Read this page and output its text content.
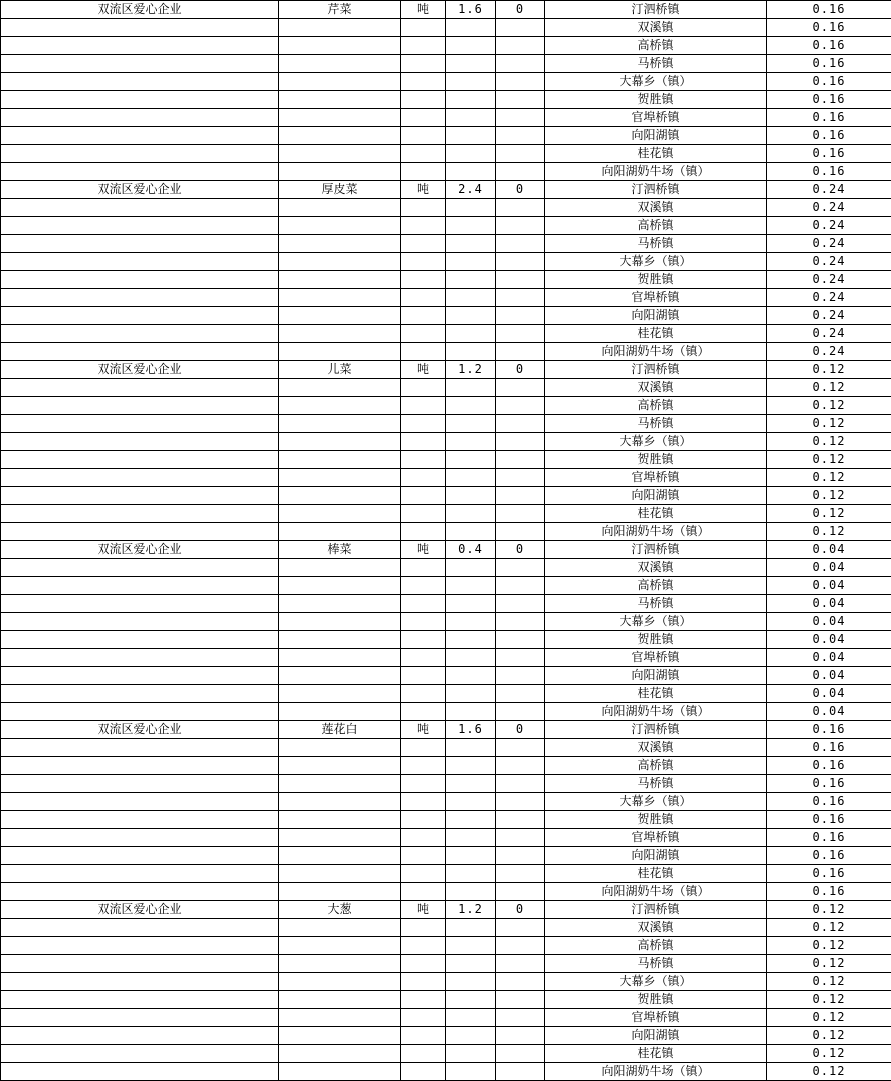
双流区爱心企业	芹菜	吨	1.6	0	汀泗桥镇	0.16
					双溪镇	0.16
					高桥镇	0.16
					马桥镇	0.16
					大幕乡（镇）	0.16
					贺胜镇	0.16
					官埠桥镇	0.16
					向阳湖镇	0.16
					桂花镇	0.16
					向阳湖奶牛场（镇）	0.16
双流区爱心企业	厚皮菜	吨	2.4	0	汀泗桥镇	0.24
					双溪镇	0.24
					高桥镇	0.24
					马桥镇	0.24
					大幕乡（镇）	0.24
					贺胜镇	0.24
					官埠桥镇	0.24
					向阳湖镇	0.24
					桂花镇	0.24
					向阳湖奶牛场（镇）	0.24
双流区爱心企业	儿菜	吨	1.2	0	汀泗桥镇	0.12
					双溪镇	0.12
					高桥镇	0.12
					马桥镇	0.12
					大幕乡（镇）	0.12
					贺胜镇	0.12
					官埠桥镇	0.12
					向阳湖镇	0.12
					桂花镇	0.12
					向阳湖奶牛场（镇）	0.12
双流区爱心企业	棒菜	吨	0.4	0	汀泗桥镇	0.04
					双溪镇	0.04
					高桥镇	0.04
					马桥镇	0.04
					大幕乡（镇）	0.04
					贺胜镇	0.04
					官埠桥镇	0.04
					向阳湖镇	0.04
					桂花镇	0.04
					向阳湖奶牛场（镇）	0.04
双流区爱心企业	莲花白	吨	1.6	0	汀泗桥镇	0.16
					双溪镇	0.16
					高桥镇	0.16
					马桥镇	0.16
					大幕乡（镇）	0.16
					贺胜镇	0.16
					官埠桥镇	0.16
					向阳湖镇	0.16
					桂花镇	0.16
					向阳湖奶牛场（镇）	0.16
双流区爱心企业	大葱	吨	1.2	0	汀泗桥镇	0.12
					双溪镇	0.12
					高桥镇	0.12
					马桥镇	0.12
					大幕乡（镇）	0.12
					贺胜镇	0.12
					官埠桥镇	0.12
					向阳湖镇	0.12
					桂花镇	0.12
					向阳湖奶牛场（镇）	0.12
